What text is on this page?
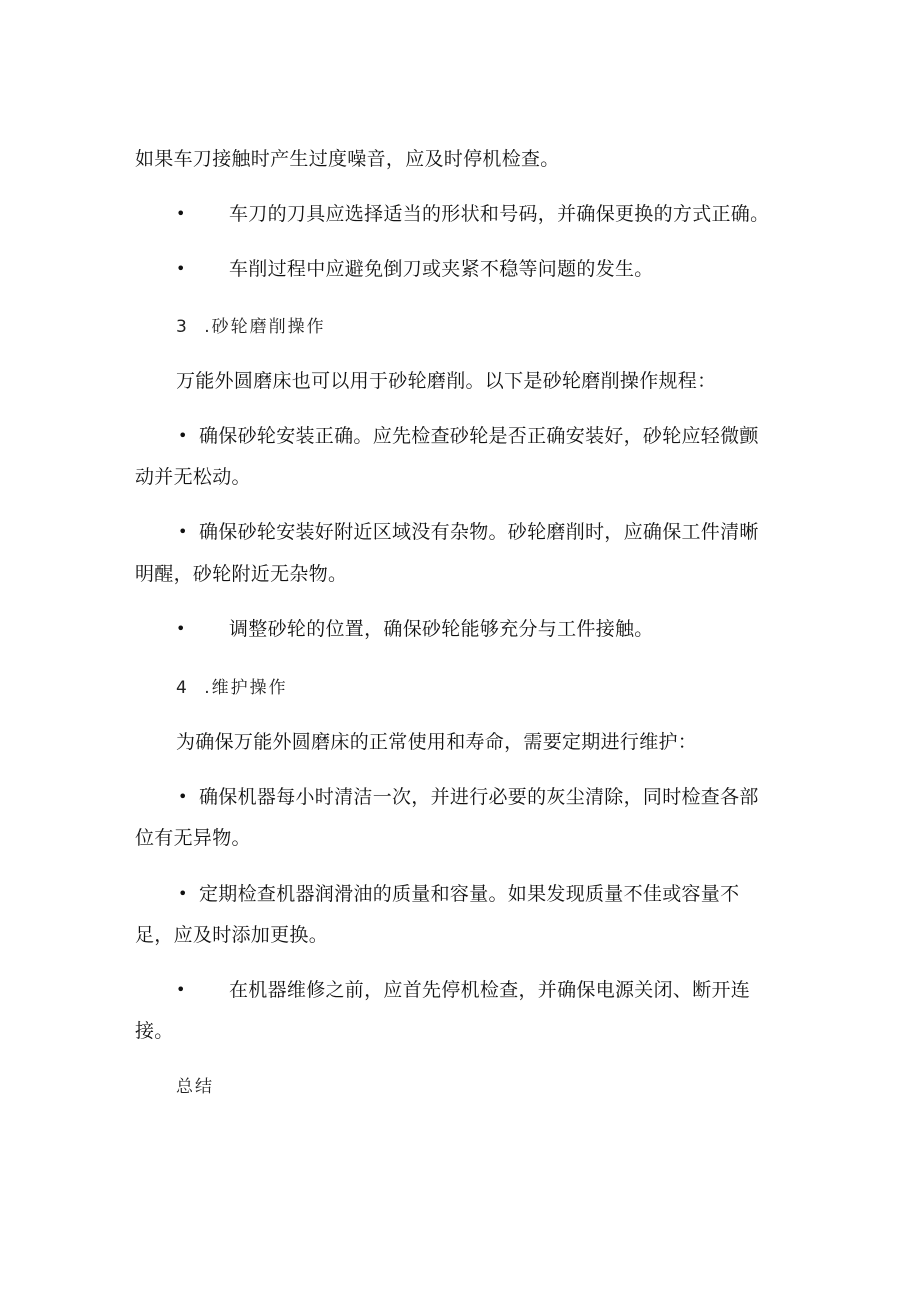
如果车刀接触时产生过度噪音，应及时停机检查。
• 车刀的刀具应选择适当的形状和号码，并确保更换的方式正确。
• 车削过程中应避免倒刀或夹紧不稳等问题的发生。
3 .砂轮磨削操作
万能外圆磨床也可以用于砂轮磨削。以下是砂轮磨削操作规程：
• 确保砂轮安装正确。应先检查砂轮是否正确安装好，砂轮应轻微颤
动并无松动。
• 确保砂轮安装好附近区域没有杂物。砂轮磨削时，应确保工件清晰
明醒，砂轮附近无杂物。
• 调整砂轮的位置，确保砂轮能够充分与工件接触。
4 .维护操作
为确保万能外圆磨床的正常使用和寿命，需要定期进行维护：
• 确保机器每小时清洁一次，并进行必要的灰尘清除，同时检查各部
位有无异物。
• 定期检查机器润滑油的质量和容量。如果发现质量不佳或容量不
足，应及时添加更换。
• 在机器维修之前，应首先停机检查，并确保电源关闭、断开连
接。
总结
